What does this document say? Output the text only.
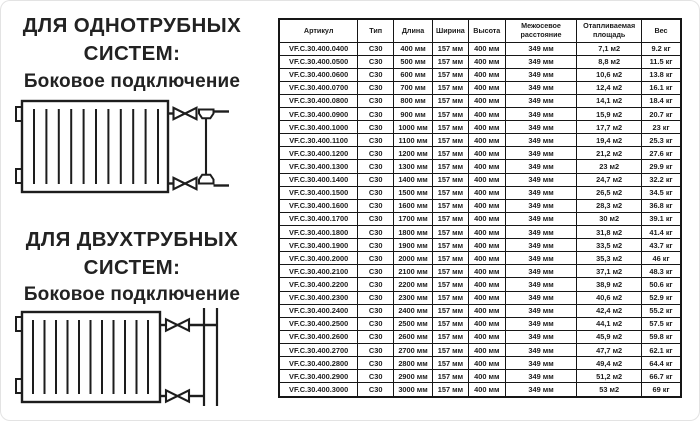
ДЛЯ ОДНОТРУБНЫХ
СИСТЕМ:
Боковое подключение
ДЛЯ ДВУХТРУБНЫХ
СИСТЕМ:
Боковое подключение
Артикул	Тип	Длина	Ширина	Высота	Межосевое расстояние	Отапливаемая площадь	Вес
VF.C.30.400.0400	C30	400 мм	157 мм	400 мм	349 мм	7,1 м2	9.2 кг
VF.C.30.400.0500	C30	500 мм	157 мм	400 мм	349 мм	8,8 м2	11.5 кг
VF.C.30.400.0600	C30	600 мм	157 мм	400 мм	349 мм	10,6 м2	13.8 кг
VF.C.30.400.0700	C30	700 мм	157 мм	400 мм	349 мм	12,4 м2	16.1 кг
VF.C.30.400.0800	C30	800 мм	157 мм	400 мм	349 мм	14,1 м2	18.4 кг
VF.C.30.400.0900	C30	900 мм	157 мм	400 мм	349 мм	15,9 м2	20.7 кг
VF.C.30.400.1000	C30	1000 мм	157 мм	400 мм	349 мм	17,7 м2	23 кг
VF.C.30.400.1100	C30	1100 мм	157 мм	400 мм	349 мм	19,4 м2	25.3 кг
VF.C.30.400.1200	C30	1200 мм	157 мм	400 мм	349 мм	21,2 м2	27.6 кг
VF.C.30.400.1300	C30	1300 мм	157 мм	400 мм	349 мм	23 м2	29.9 кг
VF.C.30.400.1400	C30	1400 мм	157 мм	400 мм	349 мм	24,7 м2	32.2 кг
VF.C.30.400.1500	C30	1500 мм	157 мм	400 мм	349 мм	26,5 м2	34.5 кг
VF.C.30.400.1600	C30	1600 мм	157 мм	400 мм	349 мм	28,3 м2	36.8 кг
VF.C.30.400.1700	C30	1700 мм	157 мм	400 мм	349 мм	30 м2	39.1 кг
VF.C.30.400.1800	C30	1800 мм	157 мм	400 мм	349 мм	31,8 м2	41.4 кг
VF.C.30.400.1900	C30	1900 мм	157 мм	400 мм	349 мм	33,5 м2	43.7 кг
VF.C.30.400.2000	C30	2000 мм	157 мм	400 мм	349 мм	35,3 м2	46 кг
VF.C.30.400.2100	C30	2100 мм	157 мм	400 мм	349 мм	37,1 м2	48.3 кг
VF.C.30.400.2200	C30	2200 мм	157 мм	400 мм	349 мм	38,9 м2	50.6 кг
VF.C.30.400.2300	C30	2300 мм	157 мм	400 мм	349 мм	40,6 м2	52.9 кг
VF.C.30.400.2400	C30	2400 мм	157 мм	400 мм	349 мм	42,4 м2	55.2 кг
VF.C.30.400.2500	C30	2500 мм	157 мм	400 мм	349 мм	44,1 м2	57.5 кг
VF.C.30.400.2600	C30	2600 мм	157 мм	400 мм	349 мм	45,9 м2	59.8 кг
VF.C.30.400.2700	C30	2700 мм	157 мм	400 мм	349 мм	47,7 м2	62.1 кг
VF.C.30.400.2800	C30	2800 мм	157 мм	400 мм	349 мм	49,4 м2	64.4 кг
VF.C.30.400.2900	C30	2900 мм	157 мм	400 мм	349 мм	51,2 м2	66.7 кг
VF.C.30.400.3000	C30	3000 мм	157 мм	400 мм	349 мм	53 м2	69 кг
